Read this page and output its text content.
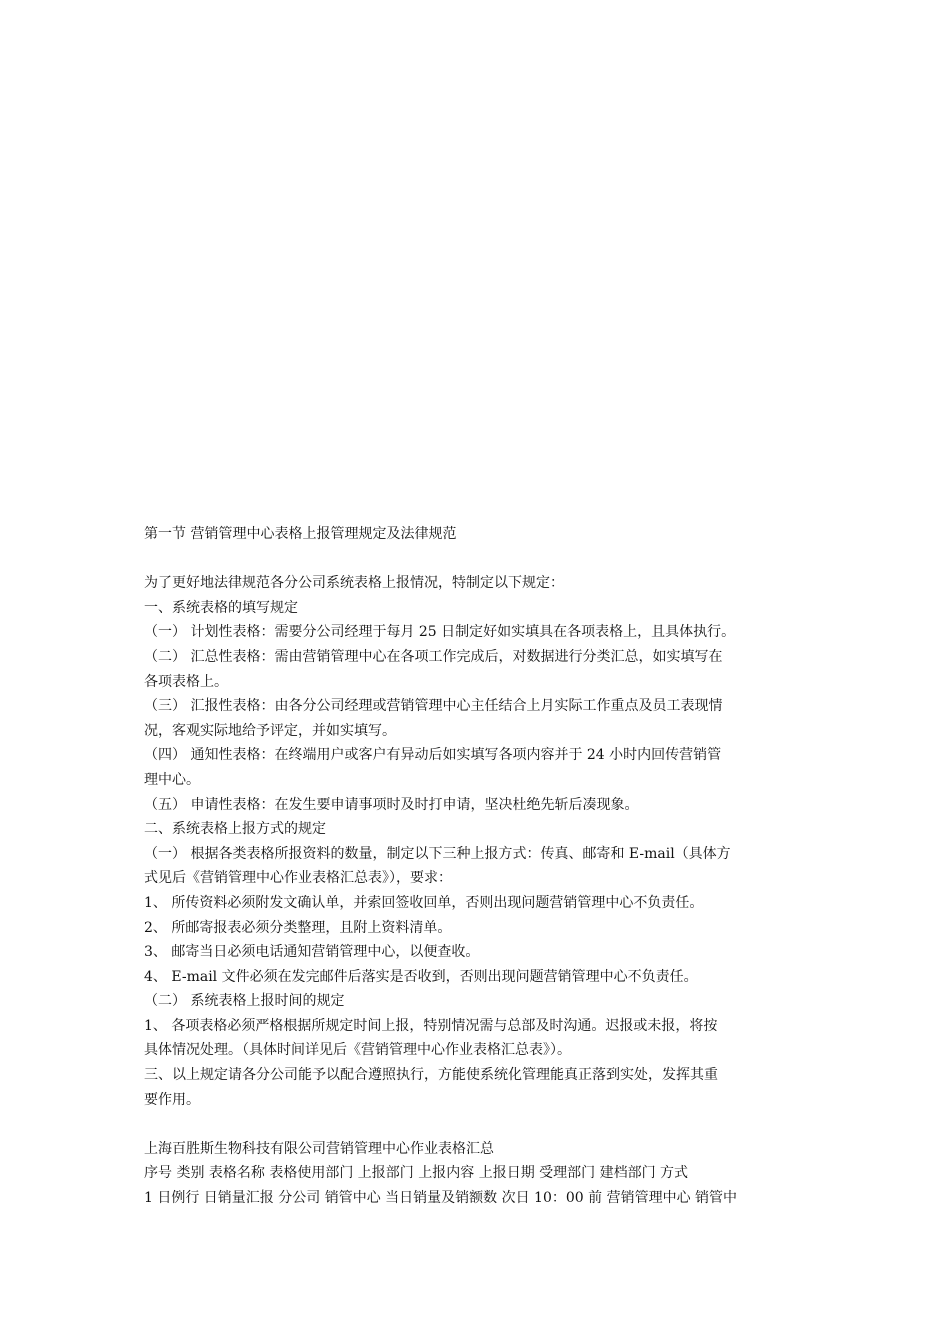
第一节 营销管理中心表格上报管理规定及法律规范
为了更好地法律规范各分公司系统表格上报情况，特制定以下规定：
一、系统表格的填写规定
（一） 计划性表格：需要分公司经理于每月 25 日制定好如实填具在各项表格上，且具体执行。
（二） 汇总性表格：需由营销管理中心在各项工作完成后，对数据进行分类汇总，如实填写在
各项表格上。
（三） 汇报性表格：由各分公司经理或营销管理中心主任结合上月实际工作重点及员工表现情
况，客观实际地给予评定，并如实填写。
（四） 通知性表格：在终端用户或客户有异动后如实填写各项内容并于 24 小时内回传营销管
理中心。
（五） 申请性表格：在发生要申请事项时及时打申请，坚决杜绝先斩后凑现象。
二、系统表格上报方式的规定
（一） 根据各类表格所报资料的数量，制定以下三种上报方式：传真、邮寄和 E-mail（具体方
式见后《营销管理中心作业表格汇总表》），要求：
1、 所传资料必须附发文确认单，并索回签收回单，否则出现问题营销管理中心不负责任。
2、 所邮寄报表必须分类整理，且附上资料清单。
3、 邮寄当日必须电话通知营销管理中心，以便查收。
4、 E-mail 文件必须在发完邮件后落实是否收到，否则出现问题营销管理中心不负责任。
（二） 系统表格上报时间的规定
1、 各项表格必须严格根据所规定时间上报，特别情况需与总部及时沟通。迟报或未报，将按
具体情况处理。（具体时间详见后《营销管理中心作业表格汇总表》）。
三、以上规定请各分公司能予以配合遵照执行，方能使系统化管理能真正落到实处，发挥其重
要作用。
上海百胜斯生物科技有限公司营销管理中心作业表格汇总
序号 类别 表格名称 表格使用部门 上报部门 上报内容 上报日期 受理部门 建档部门 方式
1 日例行 日销量汇报 分公司 销管中心 当日销量及销额数 次日 10：00 前 营销管理中心 销管中
